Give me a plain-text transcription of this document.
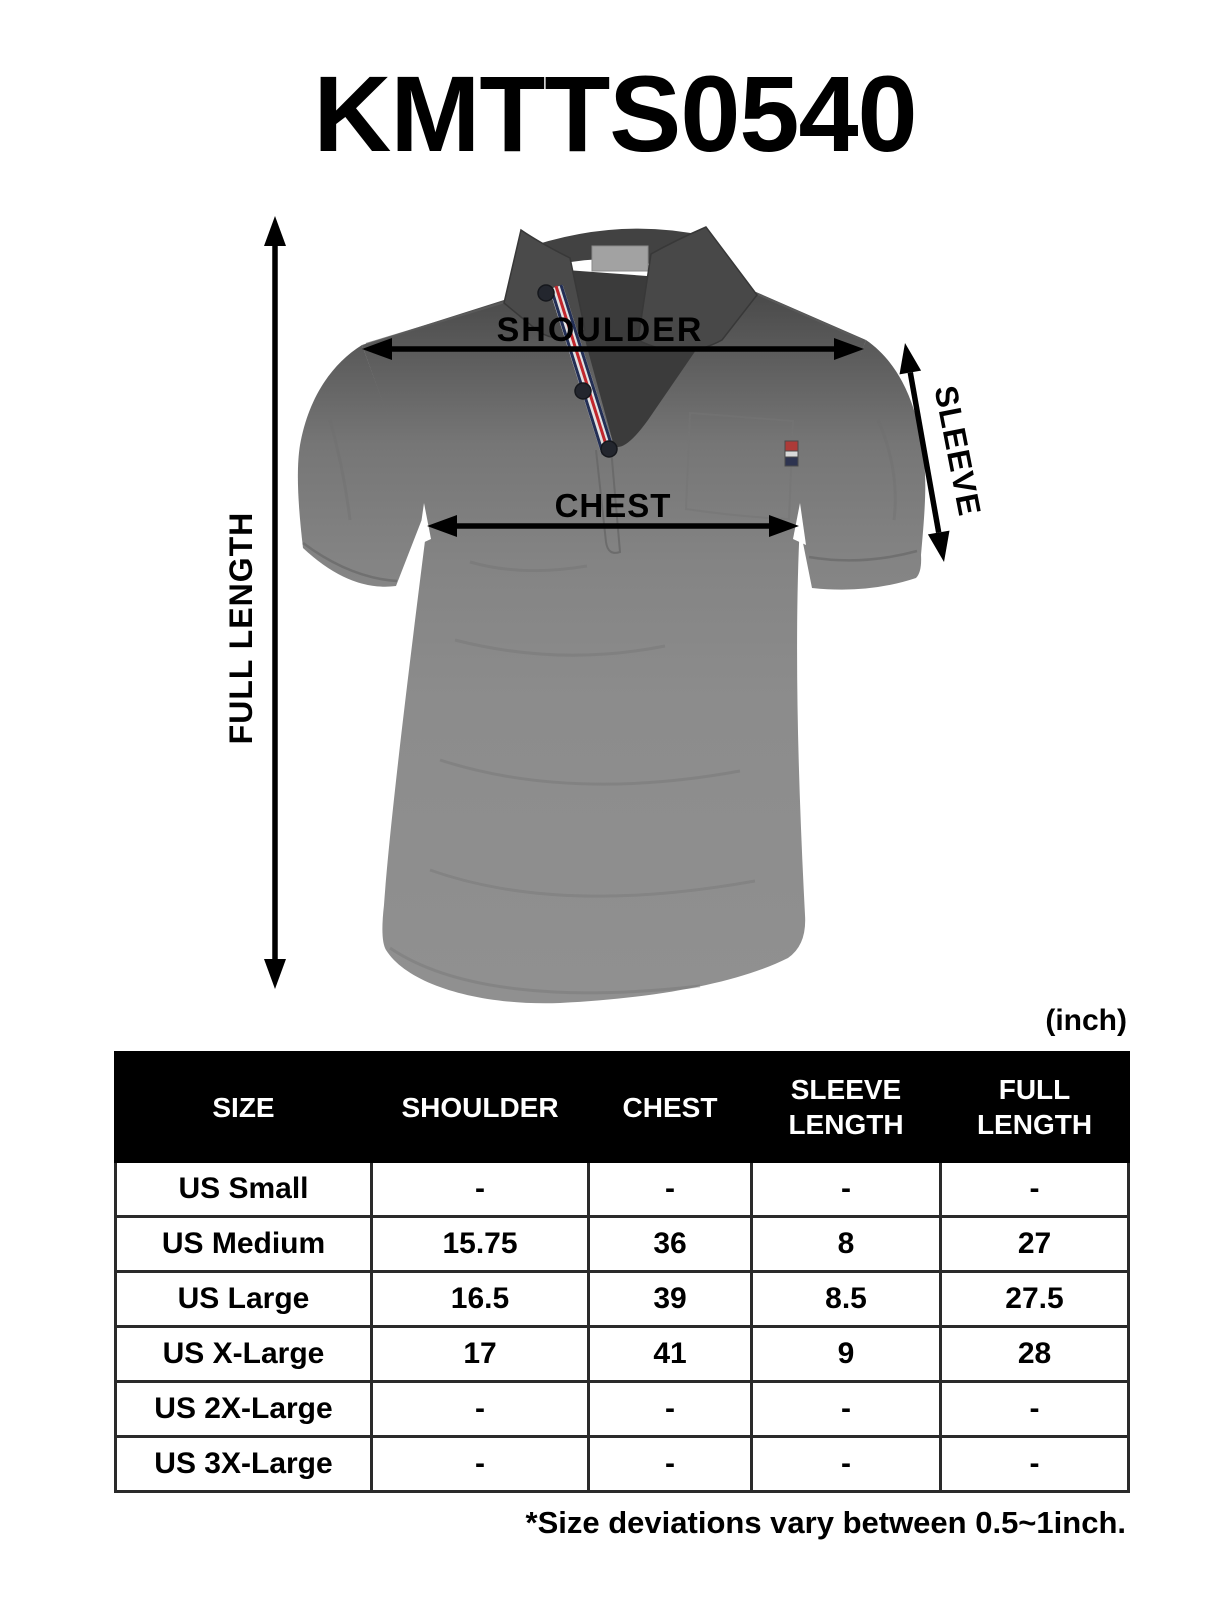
KMTTS0540
SHOULDER
CHEST
FULL LENGTH
SLEEVE
(inch)
SIZE	SHOULDER	CHEST	SLEEVE LENGTH	FULL LENGTH
US Small	-	-	-	-
US Medium	15.75	36	8	27
US Large	16.5	39	8.5	27.5
US X-Large	17	41	9	28
US 2X-Large	-	-	-	-
US 3X-Large	-	-	-	-
*Size deviations vary between 0.5~1inch.
